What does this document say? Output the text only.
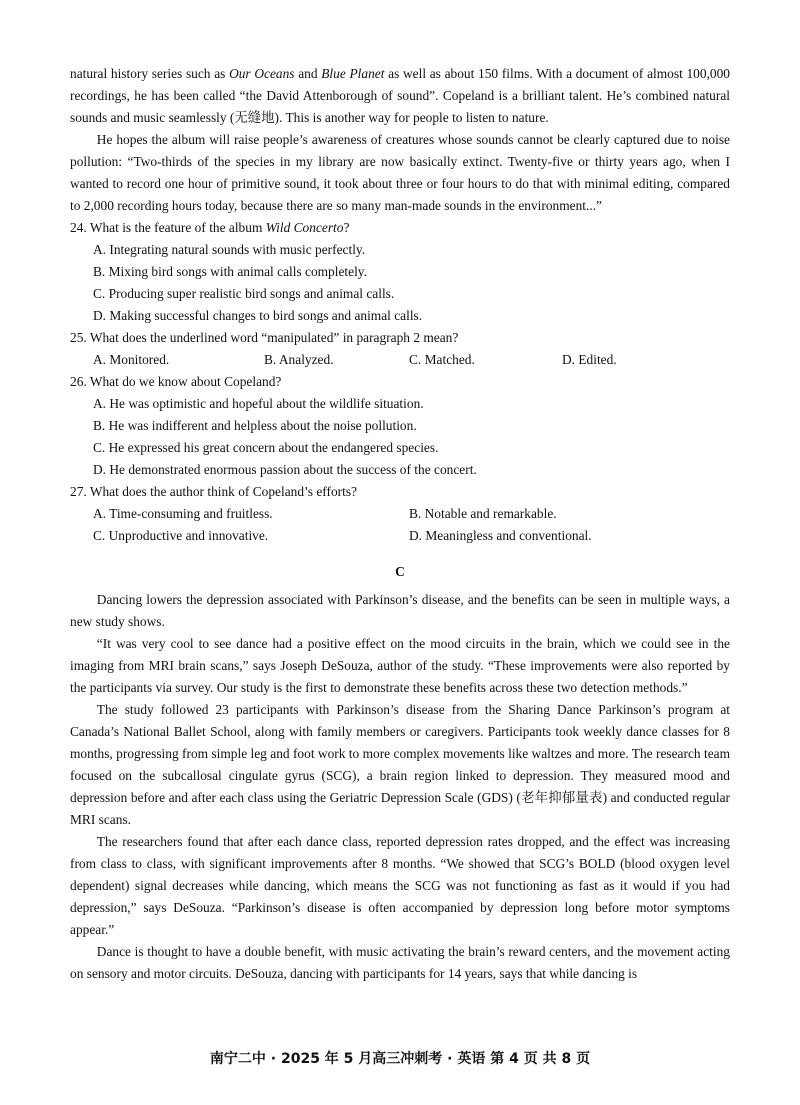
natural history series such as Our Oceans and Blue Planet as well as about 150 films. With a document of almost 100,000 recordings, he has been called “the David Attenborough of sound”. Copeland is a brilliant talent. He’s combined natural sounds and music seamlessly (无缝地). This is another way for people to listen to nature.

He hopes the album will raise people’s awareness of creatures whose sounds cannot be clearly captured due to noise pollution: “Two-thirds of the species in my library are now basically extinct. Twenty-five or thirty years ago, when I wanted to record one hour of primitive sound, it took about three or four hours to do that with minimal editing, compared to 2,000 recording hours today, because there are so many man-made sounds in the environment...”

24. What is the feature of the album Wild Concerto?

A. Integrating natural sounds with music perfectly.

B. Mixing bird songs with animal calls completely.

C. Producing super realistic bird songs and animal calls.

D. Making successful changes to bird songs and animal calls.

25. What does the underlined word “manipulated” in paragraph 2 mean?

A. Monitored.	B. Analyzed.	C. Matched.	D. Edited.

26. What do we know about Copeland?

A. He was optimistic and hopeful about the wildlife situation.

B. He was indifferent and helpless about the noise pollution.

C. He expressed his great concern about the endangered species.

D. He demonstrated enormous passion about the success of the concert.

27. What does the author think of Copeland’s efforts?

A. Time-consuming and fruitless.	B. Notable and remarkable.
C. Unproductive and innovative.	D. Meaningless and conventional.
C

Dancing lowers the depression associated with Parkinson’s disease, and the benefits can be seen in multiple ways, a new study shows.

“It was very cool to see dance had a positive effect on the mood circuits in the brain, which we could see in the imaging from MRI brain scans,” says Joseph DeSouza, author of the study. “These improvements were also reported by the participants via survey. Our study is the first to demonstrate these benefits across these two detection methods.”

The study followed 23 participants with Parkinson’s disease from the Sharing Dance Parkinson’s program at Canada’s National Ballet School, along with family members or caregivers. Participants took weekly dance classes for 8 months, progressing from simple leg and foot work to more complex movements like waltzes and more. The research team focused on the subcallosal cingulate gyrus (SCG), a brain region linked to depression. They measured mood and depression before and after each class using the Geriatric Depression Scale (GDS) (老年抑郁量表) and conducted regular MRI scans.

The researchers found that after each dance class, reported depression rates dropped, and the effect was increasing from class to class, with significant improvements after 8 months. “We showed that SCG’s BOLD (blood oxygen level dependent) signal decreases while dancing, which means the SCG was not functioning as fast as it would if you had depression,” says DeSouza. “Parkinson’s disease is often accompanied by depression long before motor symptoms appear.”

Dance is thought to have a double benefit, with music activating the brain’s reward centers, and the movement acting on sensory and motor circuits. DeSouza, dancing with participants for 14 years, says that while dancing is

南宁二中 · 2025 年 5 月高三冲刺考 · 英语 第 4 页 共 8 页
